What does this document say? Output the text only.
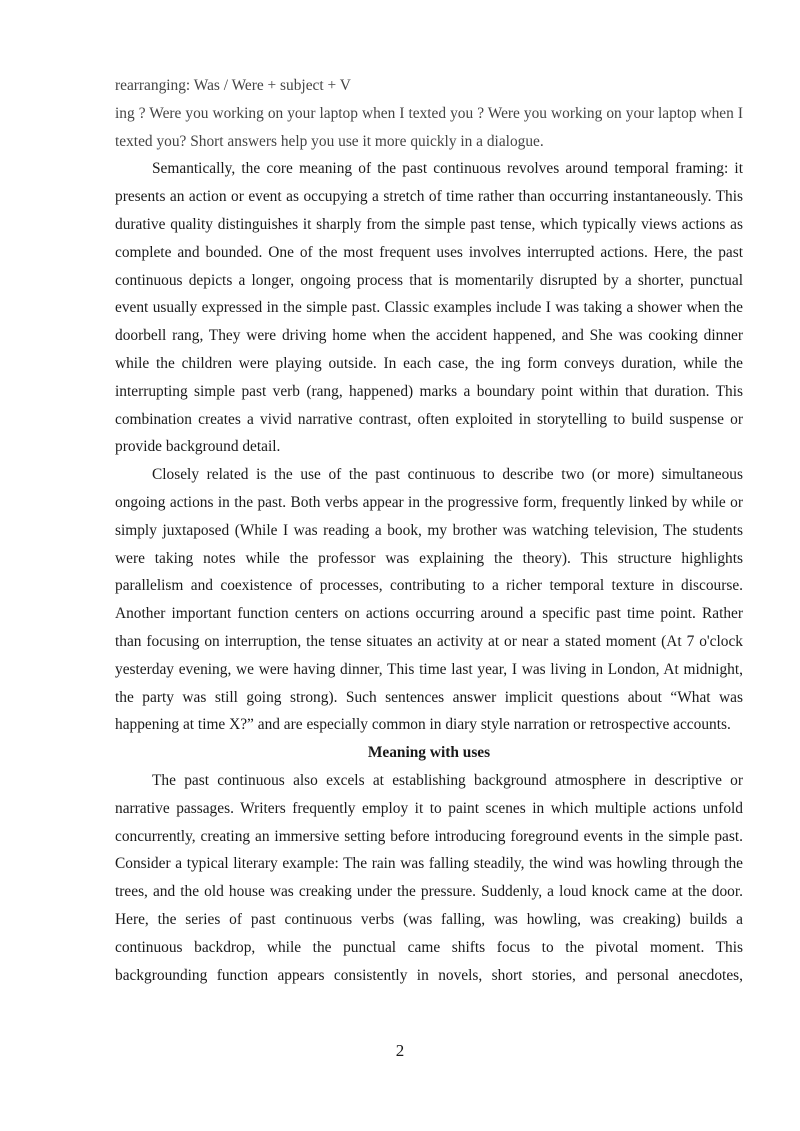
rearranging: Was / Were + subject + V

ing ? Were you working on your laptop when I texted you ? Were you working on your laptop when I texted you? Short answers help you use it more quickly in a dialogue.

Semantically, the core meaning of the past continuous revolves around temporal framing: it presents an action or event as occupying a stretch of time rather than occurring instantaneously. This durative quality distinguishes it sharply from the simple past tense, which typically views actions as complete and bounded. One of the most frequent uses involves interrupted actions. Here, the past continuous depicts a longer, ongoing process that is momentarily disrupted by a shorter, punctual event usually expressed in the simple past. Classic examples include I was taking a shower when the doorbell rang, They were driving home when the accident happened, and She was cooking dinner while the children were playing outside. In each case, the ing form conveys duration, while the interrupting simple past verb (rang, happened) marks a boundary point within that duration. This combination creates a vivid narrative contrast, often exploited in storytelling to build suspense or provide background detail.

Closely related is the use of the past continuous to describe two (or more) simultaneous ongoing actions in the past. Both verbs appear in the progressive form, frequently linked by while or simply juxtaposed (While I was reading a book, my brother was watching television, The students were taking notes while the professor was explaining the theory). This structure highlights parallelism and coexistence of processes, contributing to a richer temporal texture in discourse. Another important function centers on actions occurring around a specific past time point. Rather than focusing on interruption, the tense situates an activity at or near a stated moment (At 7 o'clock yesterday evening, we were having dinner, This time last year, I was living in London, At midnight, the party was still going strong). Such sentences answer implicit questions about “What was happening at time X?” and are especially common in diary style narration or retrospective accounts.

Meaning with uses

The past continuous also excels at establishing background atmosphere in descriptive or narrative passages. Writers frequently employ it to paint scenes in which multiple actions unfold concurrently, creating an immersive setting before introducing foreground events in the simple past. Consider a typical literary example: The rain was falling steadily, the wind was howling through the trees, and the old house was creaking under the pressure. Suddenly, a loud knock came at the door. Here, the series of past continuous verbs (was falling, was howling, was creaking) builds a continuous backdrop, while the punctual came shifts focus to the pivotal moment. This backgrounding function appears consistently in novels, short stories, and personal anecdotes,

2
